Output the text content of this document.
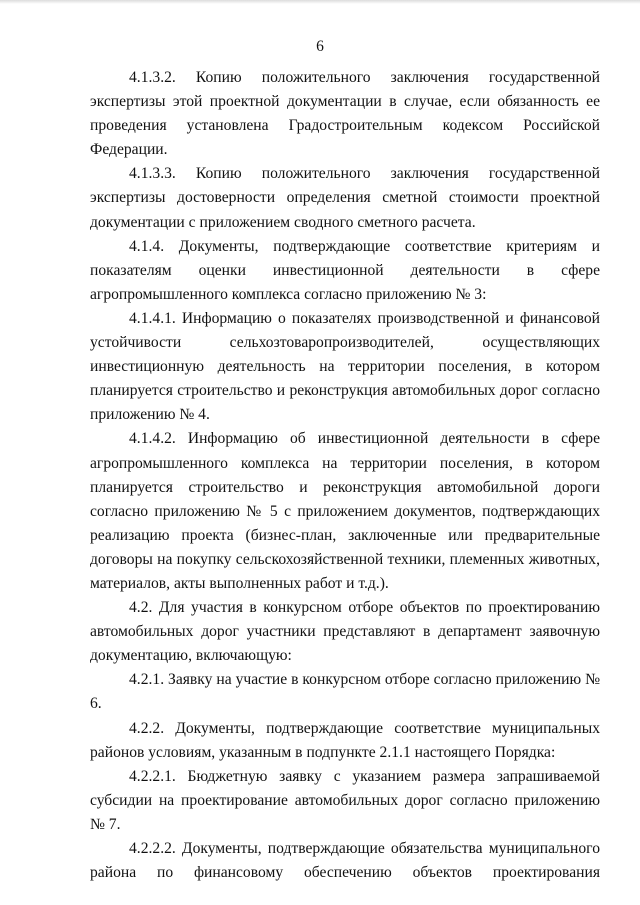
6

4.1.3.2. Копию положительного заключения государственной экспертизы этой проектной документации в случае, если обязанность ее проведения установлена Градостроительным кодексом Российской Федерации.

4.1.3.3. Копию положительного заключения государственной экспертизы достоверности определения сметной стоимости проектной документации с приложением сводного сметного расчета.

4.1.4. Документы, подтверждающие соответствие критериям и показателям оценки инвестиционной деятельности в сфере агропромышленного комплекса согласно приложению № 3:

4.1.4.1. Информацию о показателях производственной и финансовой устойчивости сельхозтоваропроизводителей, осуществляющих инвестиционную деятельность на территории поселения, в котором планируется строительство и реконструкция автомобильных дорог согласно приложению № 4.

4.1.4.2. Информацию об инвестиционной деятельности в сфере агропромышленного комплекса на территории поселения, в котором планируется строительство и реконструкция автомобильной дороги согласно приложению № 5 с приложением документов, подтверждающих реализацию проекта (бизнес-план, заключенные или предварительные договоры на покупку сельскохозяйственной техники, племенных животных, материалов, акты выполненных работ и т.д.).

4.2. Для участия в конкурсном отборе объектов по проектированию автомобильных дорог участники представляют в департамент заявочную документацию, включающую:

4.2.1. Заявку на участие в конкурсном отборе согласно приложению № 6.

4.2.2. Документы, подтверждающие соответствие муниципальных районов условиям, указанным в подпункте 2.1.1 настоящего Порядка:

4.2.2.1. Бюджетную заявку с указанием размера запрашиваемой субсидии на проектирование автомобильных дорог согласно приложению № 7.

4.2.2.2. Документы, подтверждающие обязательства муниципального района по финансовому обеспечению объектов проектирования
